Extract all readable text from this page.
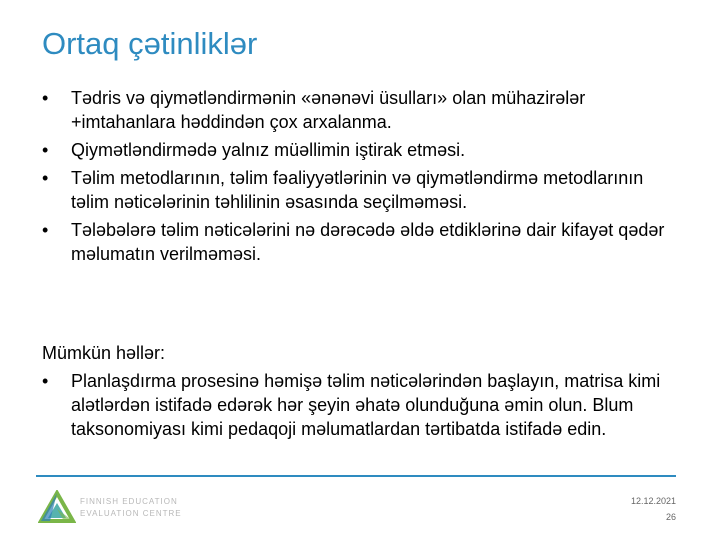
Ortaq çətinliklər
• Tədris və qiymətləndirmənin «ənənəvi üsulları» olan mühazirələr +imtahanlara həddindən çox arxalanma.
• Qiymətləndirmədə yalnız müəllimin iştirak etməsi.
• Təlim metodlarının, təlim fəaliyyətlərinin və qiymətləndirmə metodlarının təlim nəticələrinin təhlilinin əsasında seçilməməsi.
• Tələbələrə təlim nəticələrini nə dərəcədə əldə etdiklərinə dair kifayət qədər məlumatın verilməməsi.

Mümkün həllər:

• Planlaşdırma prosesinə həmişə təlim nəticələrindən başlayın, matrisa kimi alətlərdən istifadə edərək hər şeyin əhatə olunduğuna əmin olun. Blum taksonomiyası kimi pedaqoji məlumatlardan tərtibatda istifadə edin.
FINNISH EDUCATION
EVALUATION CENTRE
12.12.2021
26
